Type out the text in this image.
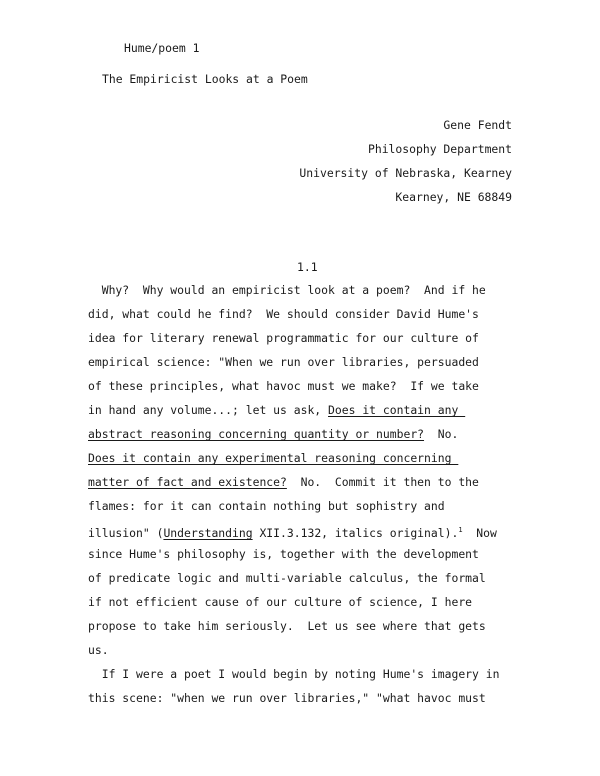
Hume/poem 1
The Empiricist Looks at a Poem
Gene Fendt
Philosophy Department
University of Nebraska, Kearney
Kearney, NE 68849
1.1
Why?  Why would an empiricist look at a poem?  And if he
did, what could he find?  We should consider David Hume's
idea for literary renewal programmatic for our culture of
empirical science: "When we run over libraries, persuaded
of these principles, what havoc must we make?  If we take
in hand any volume...; let us ask, Does it contain any
abstract reasoning concerning quantity or number?  No.
Does it contain any experimental reasoning concerning
matter of fact and existence?  No.  Commit it then to the
flames: for it can contain nothing but sophistry and
illusion" (Understanding XII.3.132, italics original).$^1$  Now
since Hume's philosophy is, together with the development
of predicate logic and multi-variable calculus, the formal
if not efficient cause of our culture of science, I here
propose to take him seriously.  Let us see where that gets
us.
If I were a poet I would begin by noting Hume's imagery in
this scene: "when we run over libraries," "what havoc must
